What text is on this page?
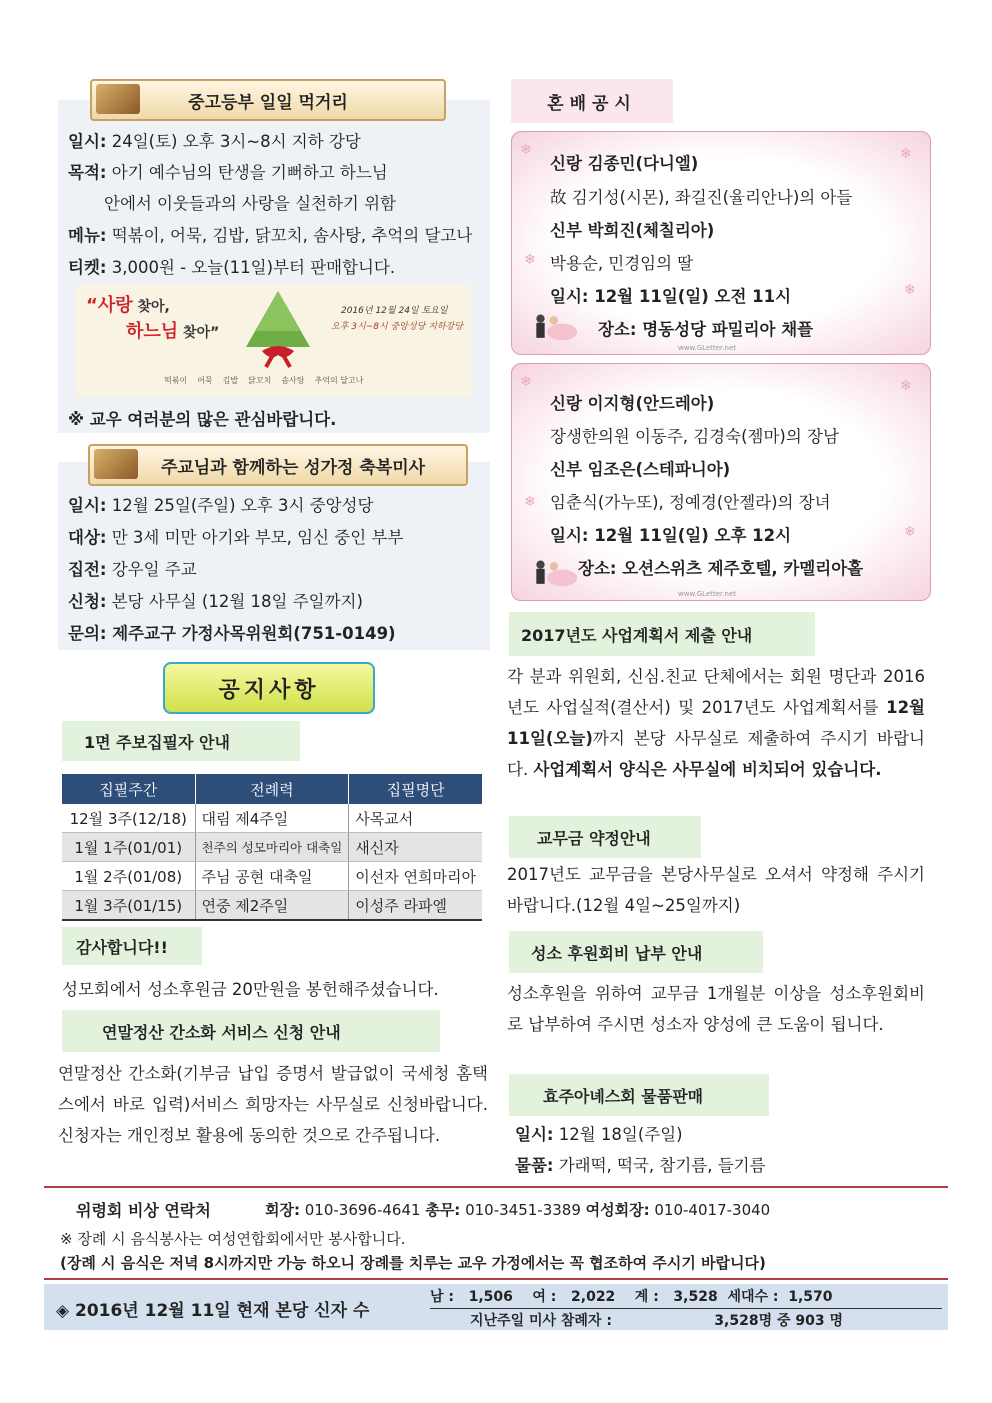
중고등부 일일 먹거리
일시: 24일(토) 오후 3시~8시 지하 강당
목적: 아기 예수님의 탄생을 기뻐하고 하느님
안에서 이웃들과의 사랑을 실천하기 위함
메뉴: 떡볶이, 어묵, 김밥, 닭꼬치, 솜사탕, 추억의 달고나
티켓: 3,000원 - 오늘(11일)부터 판매합니다.
“사랑 찾아,
하느님 찾아”
2016년 12월 24일 토요일
오후 3시~8시 중앙성당 지하강당
떡볶이 어묵 김밥 닭꼬치 솜사탕 추억의 달고나
※ 교우 여러분의 많은 관심바랍니다.
주교님과 함께하는 성가정 축복미사
일시: 12월 25일(주일) 오후 3시 중앙성당
대상: 만 3세 미만 아기와 부모, 임신 중인 부부
집전: 강우일 주교
신청: 본당 사무실 (12월 18일 주일까지)
문의: 제주교구 가정사목위원회(751-0149)
공지사항
1면 주보집필자 안내
집필주간	전례력	집필명단
12월 3주(12/18)	대림 제4주일	사목교서
1월 1주(01/01)	천주의 성모마리아 대축일	새신자
1월 2주(01/08)	주님 공현 대축일	이선자 연희마리아
1월 3주(01/15)	연중 제2주일	이성주 라파엘
감사합니다!!
성모회에서 성소후원금 20만원을 봉헌해주셨습니다.
연말정산 간소화 서비스 신청 안내
연말정산 간소화(기부금 납입 증명서 발급없이 국세청 홈택스에서 바로 입력)서비스 희망자는 사무실로 신청바랍니다. 신청자는 개인정보 활용에 동의한 것으로 간주됩니다.
혼배공시
❄	❄
❄
❄
신랑 김종민(다니엘)
故 김기성(시몬), 좌길진(율리안나)의 아들
신부 박희진(체칠리아)
박용순, 민경임의 딸
일시: 12월 11일(일) 오전 11시
장소: 명동성당 파밀리아 채플
www.GLetter.net
❄	❄
❄
❄
신랑 이지형(안드레아)
장생한의원 이동주, 김경숙(젬마)의 장남
신부 임조은(스테파니아)
임춘식(가누또), 정예경(안젤라)의 장녀
일시: 12월 11일(일) 오후 12시
장소: 오션스위츠 제주호텔, 카멜리아홀
www.GLetter.net
2017년도 사업계획서 제출 안내
각 분과 위원회, 신심.친교 단체에서는 회원 명단과 2016년도 사업실적(결산서) 및 2017년도 사업계획서를 12월 11일(오늘)까지 본당 사무실로 제출하여 주시기 바랍니다. 사업계획서 양식은 사무실에 비치되어 있습니다.
교무금 약정안내
2017년도 교무금을 본당사무실로 오셔서 약정해 주시기 바랍니다.(12월 4일~25일까지)
성소 후원회비 납부 안내
성소후원을 위하여 교무금 1개월분 이상을 성소후원회비로 납부하여 주시면 성소자 양성에 큰 도움이 됩니다.
효주아녜스회 물품판매
일시: 12월 18일(주일)
물품: 가래떡, 떡국, 참기름, 들기름
위령회 비상 연락처	회장: 010-3696-4641 총무: 010-3451-3389 여성회장: 010-4017-3040
※ 장례 시 음식봉사는 여성연합회에서만 봉사합니다.
(장례 시 음식은 저녁 8시까지만 가능 하오니 장례를 치루는 교우 가정에서는 꼭 협조하여 주시기 바랍니다)
◈ 2016년 12월 11일 현재 본당 신자 수
남 :   1,506    여 :   2,022    계 :   3,528  세대수 :  1,570
지난주일 미사 참례자 :                     3,528명 중 903 명
